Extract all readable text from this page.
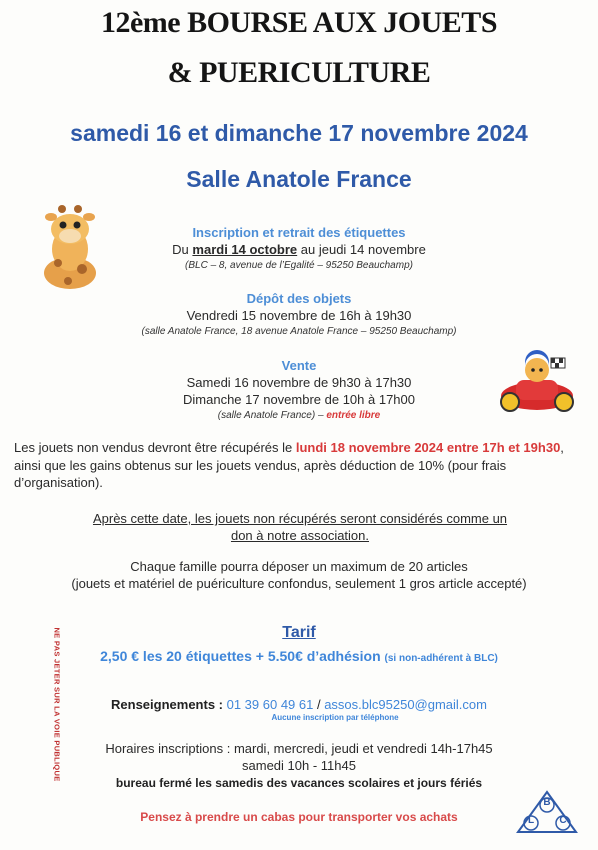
12ème BOURSE AUX JOUETS
& PUERICULTURE
samedi 16 et dimanche 17 novembre 2024
Salle Anatole France
Inscription et retrait des étiquettes
Du mardi 14 octobre au jeudi 14 novembre
(BLC – 8, avenue de l’Egalité – 95250 Beauchamp)
Dépôt des objets
Vendredi 15 novembre de 16h à 19h30
(salle Anatole France, 18 avenue Anatole France – 95250 Beauchamp)
Vente
Samedi 16 novembre de 9h30 à 17h30
Dimanche 17 novembre de 10h à 17h00
(salle Anatole France) – entrée libre
Les jouets non vendus devront être récupérés le lundi 18 novembre 2024 entre 17h et 19h30, ainsi que les gains obtenus sur les jouets vendus, après déduction de 10% (pour frais d’organisation).
Après cette date, les jouets non récupérés seront considérés comme un don à notre association.
Chaque famille pourra déposer un maximum de 20 articles
(jouets et matériel de puériculture confondus, seulement 1 gros article accepté)
Tarif
2,50 € les 20 étiquettes + 5.50€ d’adhésion (si non-adhérent à BLC)
Renseignements : 01 39 60 49 61 / assos.blc95250@gmail.com
Aucune inscription par téléphone
Horaires inscriptions : mardi, mercredi, jeudi et vendredi 14h-17h45
samedi 10h - 11h45
bureau fermé les samedis des vacances scolaires et jours fériés
Pensez à prendre un cabas pour transporter vos achats
B
L	C
NE PAS JETER SUR LA VOIE PUBLIQUE
